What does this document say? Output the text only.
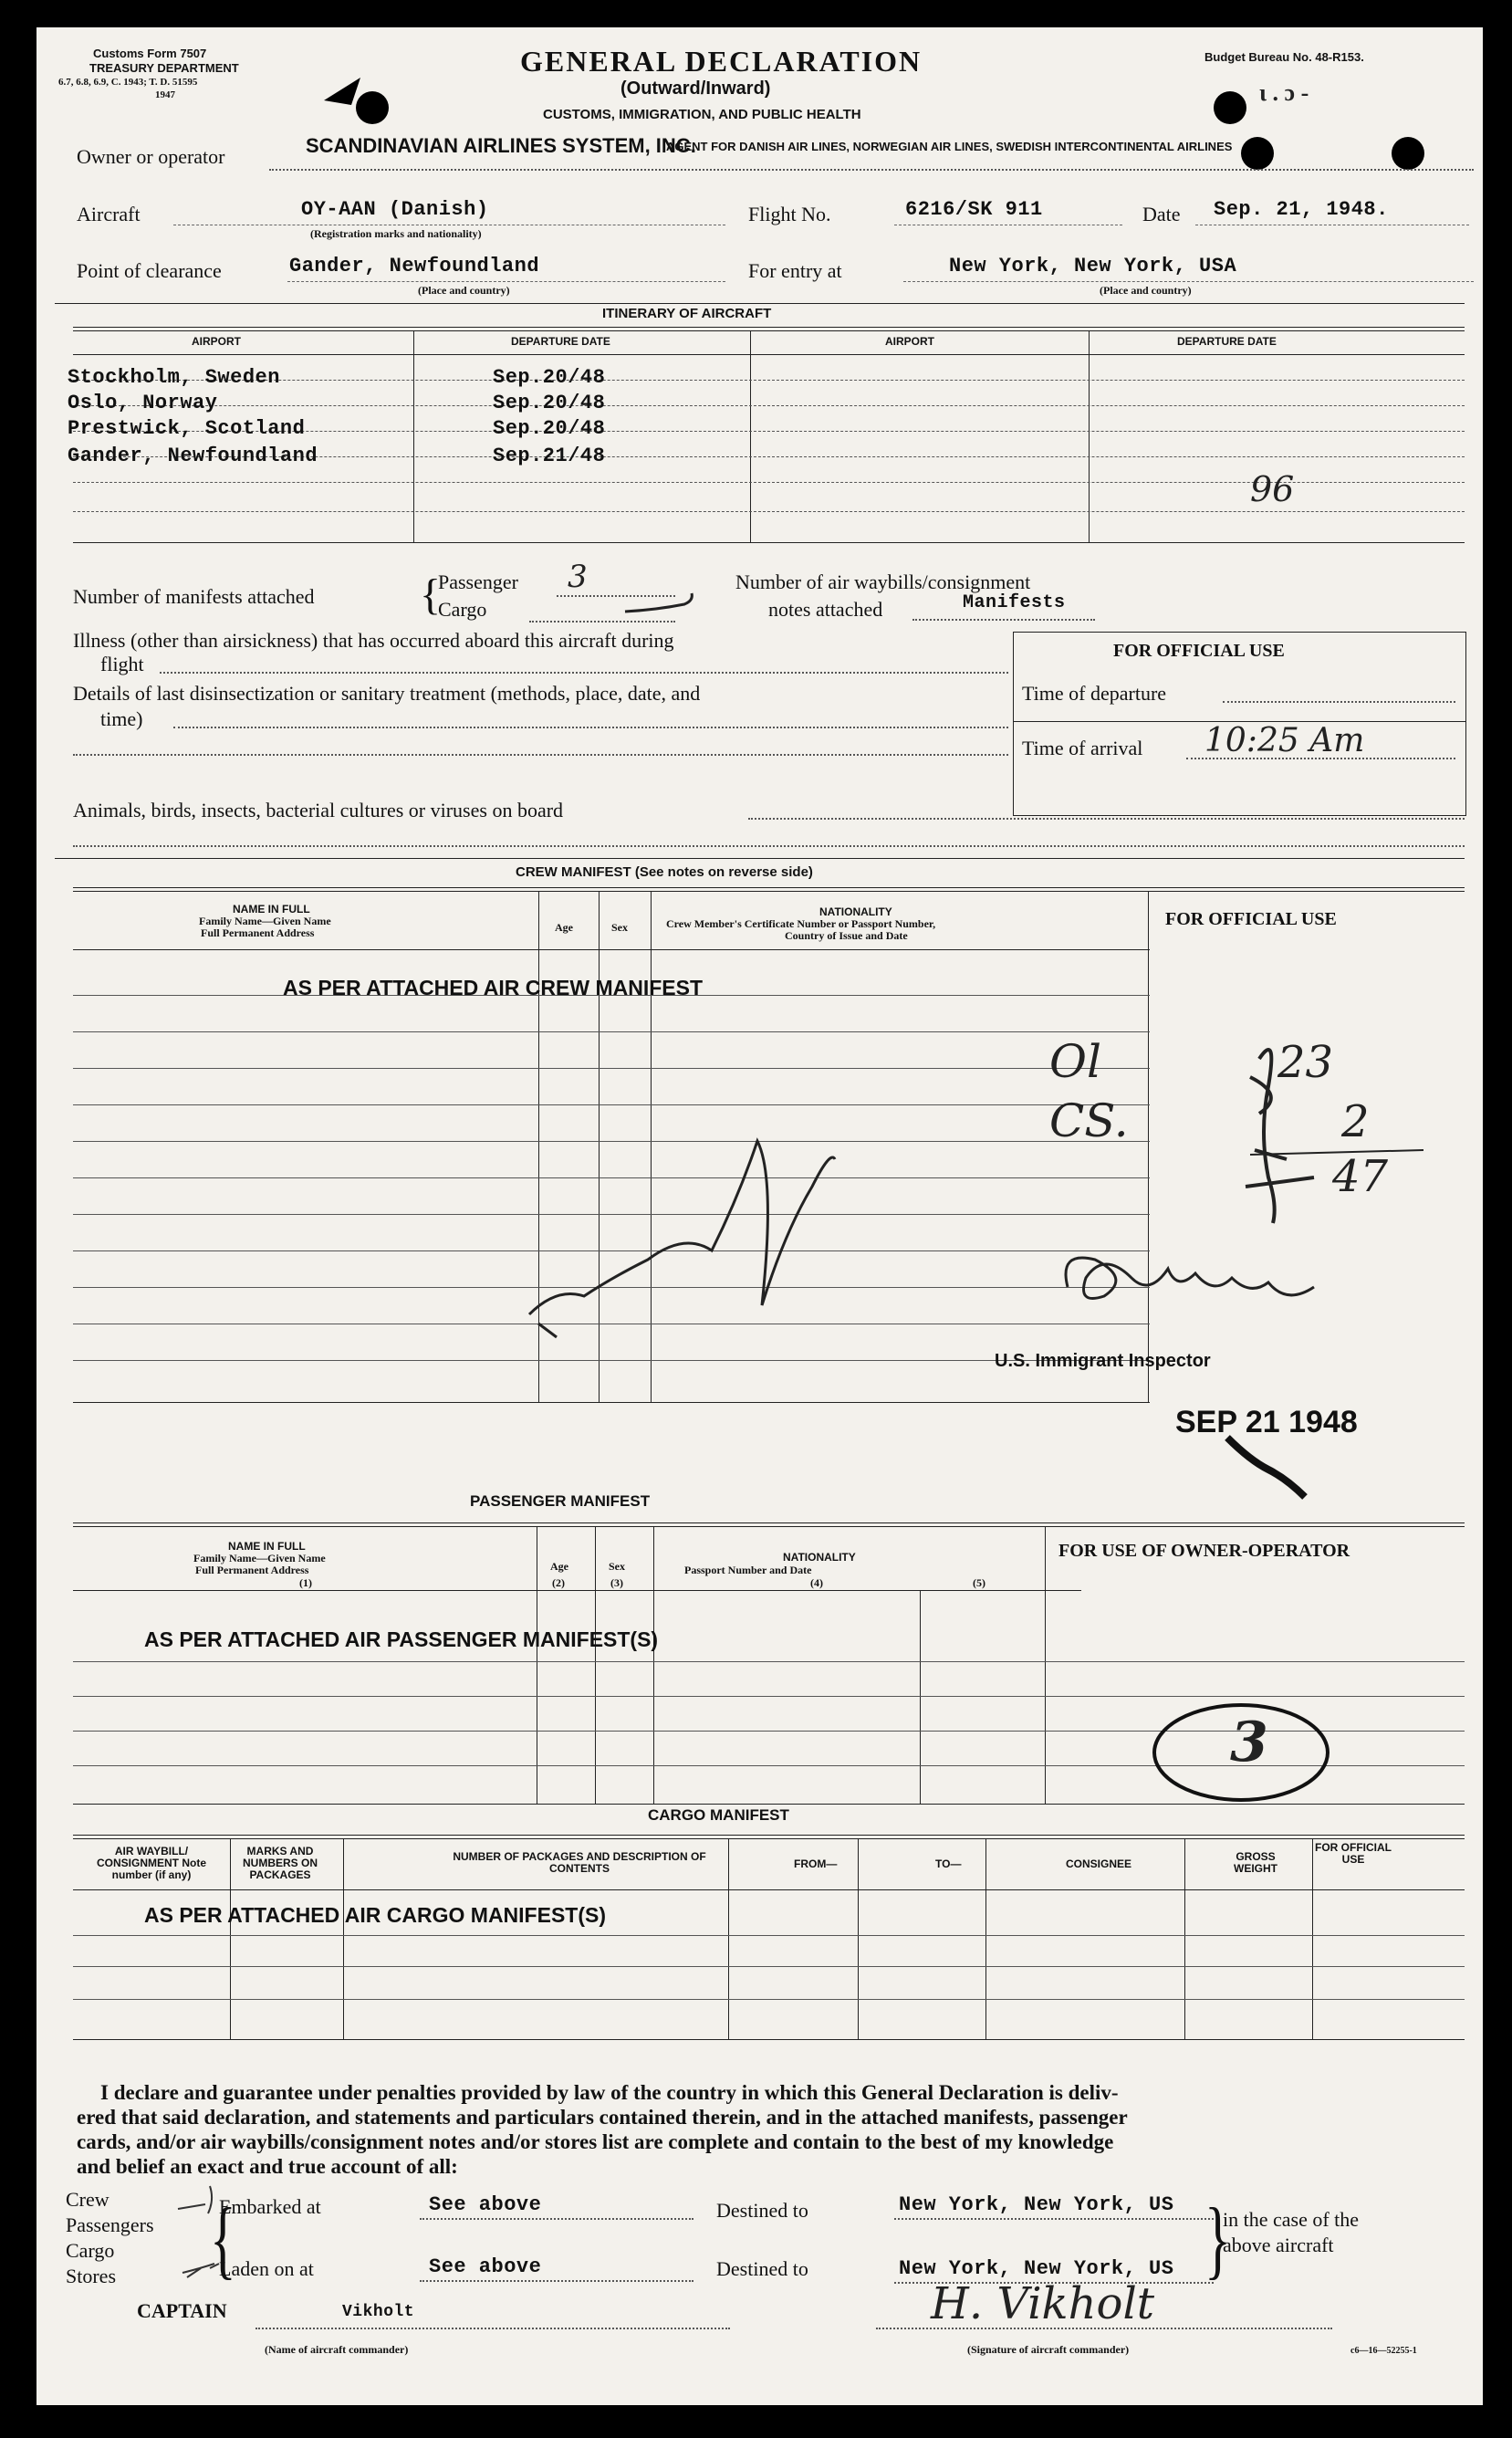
Customs Form 7507
TREASURY DEPARTMENT
6.7, 6.8, 6.9, C. 1943; T. D. 51595
1947
GENERAL DECLARATION
(Outward/Inward)
CUSTOMS, IMMIGRATION, AND PUBLIC HEALTH
Budget Bureau No. 48-R153.
ι . ɔ -
Owner or operator	SCANDINAVIAN AIRLINES SYSTEM, INC.
AGENT FOR DANISH AIR LINES, NORWEGIAN AIR LINES, SWEDISH INTERCONTINENTAL AIRLINES
Aircraft	OY-AAN (Danish)
(Registration marks and nationality)
Flight No.	6216/SK 911	Date Sep. 21, 1948.
Point of clearance	Gander, Newfoundland
(Place and country)
For entry at	New York, New York, USA
(Place and country)
ITINERARY OF AIRCRAFT
AIRPORT	DEPARTURE DATE	AIRPORT	DEPARTURE DATE
Stockholm, Sweden	Sep.20/48
Oslo, Norway	Sep.20/48
Prestwick, Scotland	Sep.20/48
Gander, Newfoundland	Sep.21/48
96
Number of manifests attached {
Passenger 3
Cargo
Number of air waybills/consignment
notes attached	Manifests
FOR OFFICIAL USE
Time of departure
Time of arrival 10:25 Am
Illness (other than airsickness) that has occurred aboard this aircraft during
flight
Details of last disinsectization or sanitary treatment (methods, place, date, and
time)
Animals, birds, insects, bacterial cultures or viruses on board
CREW MANIFEST (See notes on reverse side)
NAME IN FULL
Family Name—Given Name
Full Permanent Address	Age	Sex
NATIONALITY
Crew Member's Certificate Number or Passport Number,
Country of Issue and Date
FOR OFFICIAL USE
AS PER ATTACHED AIR CREW MANIFEST
Ol
CS.
23
2
47
U.S. Immigrant Inspector
SEP 21 1948
PASSENGER MANIFEST
NAME IN FULL
Family Name—Given Name
Full Permanent Address
(1)
Age
(2)
Sex
(3)
NATIONALITY
Passport Number and Date
(4)	(5)
FOR USE OF OWNER-OPERATOR
AS PER ATTACHED AIR PASSENGER MANIFEST(S)
3
CARGO MANIFEST
AIR WAYBILL/ CONSIGNMENT Note number (if any)
MARKS AND NUMBERS ON PACKAGES
NUMBER OF PACKAGES AND DESCRIPTION OF CONTENTS	FROM—	TO—	CONSIGNEE
GROSS WEIGHT
FOR OFFICIAL USE
AS PER ATTACHED AIR CARGO MANIFEST(S)
I declare and guarantee under penalties provided by law of the country in which this General Declaration is deliv-
ered that said declaration, and statements and particulars contained therein, and in the attached manifests, passenger
cards, and/or air waybills/consignment notes and/or stores list are complete and contain to the best of my knowledge
and belief an exact and true account of all:
Crew
Passengers
Cargo
Stores {
Embarked at	See above
Laden on at	See above
Destined to	New York, New York, US
Destined to	New York, New York, US }
in the case of the
above aircraft
CAPTAIN	Vikholt
(Name of aircraft commander)
H. Vikholt
(Signature of aircraft commander)	c6—16—52255-1
